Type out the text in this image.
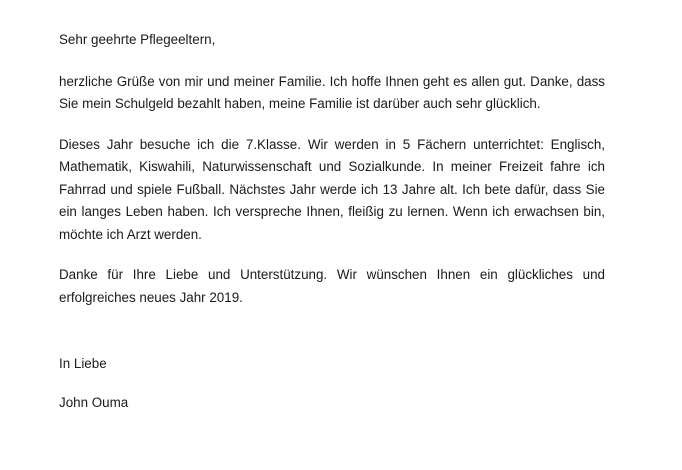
Sehr geehrte Pflegeeltern,

herzliche Grüße von mir und meiner Familie. Ich hoffe Ihnen geht es allen gut. Danke, dass Sie mein Schulgeld bezahlt haben, meine Familie ist darüber auch sehr glücklich.

Dieses Jahr besuche ich die 7.Klasse. Wir werden in 5 Fächern unterrichtet: Englisch, Mathematik, Kiswahili, Naturwissenschaft und Sozialkunde. In meiner Freizeit fahre ich Fahrrad und spiele Fußball. Nächstes Jahr werde ich 13 Jahre alt. Ich bete dafür, dass Sie ein langes Leben haben. Ich verspreche Ihnen, fleißig zu lernen. Wenn ich erwachsen bin, möchte ich Arzt werden.

Danke für Ihre Liebe und Unterstützung. Wir wünschen Ihnen ein glückliches und erfolgreiches neues Jahr 2019.

In Liebe

John Ouma
